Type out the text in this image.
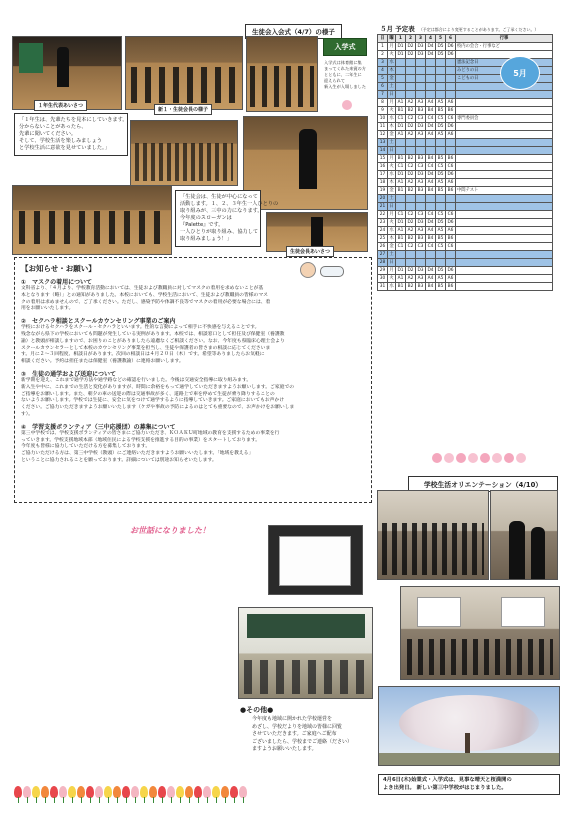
生徒会入会式（4/7）の様子
１年生代表あいさつ
新１・生徒会長の様子
入学式
入学式は体育館に集
まってくれた来賓の方
とともに、二年生に
迎えられて
新入生が入場しました
「１年生は、先輩たちを見本にしていきます。
分からないことがあったら、
先輩に聞いてください。
そして、学校生活を楽しみましょう
と学校生活に意欲を見せていました。」
「生徒会は、生徒が中心になって
活動します。１、２、３年生一人ひとりの
取り組みが、三中の力になります。
今年度のスローガンは
『Palette』です。
一人ひとりが取り組み、協力して
取り組みましょう！」
生徒会長あいさつ
【お知らせ・お願い】
①　マスクの着用について
文科省より、「４月より、学校教育活動においては、生徒および教職員に対してマスクの着用を求めないことが基
本となります（略）」との通知がありました。本校においても、学校生活において、生徒および教職員の皆様のマス
クの着用は求めませんので、ご了承ください。ただし、感染予防や体調不良等でマスクの着用が必要な場合には、着
用をお願いいたします。
②　セクハラ相談とスクールカウンセリング事業のご案内
学校におけるセクハラをスクール・セクハラといいます。性的な言動によって相手に不快感を与えることです。
残念ながら県下の学校においても問題が発生している実例があります。本校では、相談窓口として担任及び保健室（養護教
諭）と教頭が相談しますので、お困りのことがありましたら遠慮なくご相談ください。なお、今年度も県臨床心理士会より
スクールカウンセラーとして本校のカウンセリング事業を担当し、生徒や保護者の皆さまの相談に応じてくださいま
す。月に２〜３回程度、相談日があります。次回の相談日は４月２０日（木）です。希望等ありましたらお気軽に
相談ください。予約は担任または保健室（養護教諭）に連絡お願いします。
③　生徒の通学および送迎について
新学期を迎え、これまで通学方法や通学路などの確認を行いました。今後は交通安全指導に取り組みます。
新入生や中に、これまでの生活と変化がありますが、時間に余裕をもって通学していただきますようお願いします。ご家庭での
ご指導をお願いします。また、朝夕の車の送迎の際は交通事故が多く、道路上で車を停めて生徒が乗り降りすることの
ないようお願いします。学校では生徒に、安全に気をつけて通学するように指導していきます。ご家庭においてもお声かけ
ください。ご協力いただきますようお願いいたします（ケガや事故の予防によるのはとても重要なので、お声かけをお願いしま
す）。
④　学習支援ボランティア（三中応援団）の募集について
第三中学校では、学校支援ボランティアの皆さまにご協力いただき、ＫＯＡＫＵ町地域の教育を支援するための事業を行
っていきます。学校支援地域本部（地域住民による学校支援を推進する目的の事業）をスタートしております。
今年度も皆様に協力していただける方を募集しております。
ご協力いただける方は、第三中学校（教頭）にご連絡いただきますようお願いいたします。「地域を教える」
ということに協力されることを願っております。詳細については別途お知らせいたします。
お世話になりました！
●その他●
今年度も地域に開かれた学校運営を
めざし、学校だよりを地域の皆様に回覧
させていただきます。ご家庭へご配布
ございましたら、学校までご連絡（ださい）
ますようお願いいたします。
５月 予定表 （予定は都合により変更することがあります。ご了承ください。）
日	曜	1	2	3	4	5	6	行事
1	月	D1	D2	D3	D4	D5	D6	校内の会合・行事など
2	火	D1	D2	D3	D4	D5	D6	
3	水							憲法記念日
4	木							みどりの日
5	金							こどもの日
6	土							
7	日							
8	月	A1	A2	A3	A4	A5	A6	
9	火	B1	B2	B3	B4	B5	B6	
10	水	C1	C2	C3	C4	C5	C6	専門委員会
11	木	D1	D2	D3	D4	D5	D6	
12	金	A1	A2	A3	A4	A5	A6	
13	土							
14	日							
15	月	B1	B2	B3	B4	B5	B6	
16	火	C1	C2	C3	C4	C5	C6	
17	水	D1	D2	D3	D4	D5	D6	
18	木	A1	A2	A3	A4	A5	A6	
19	金	B1	B2	B3	B4	B5	B6	中間テスト
20	土							
21	日							
22	月	C1	C2	C3	C4	C5	C6	
23	火	D1	D2	D3	D4	D5	D6	
24	水	A1	A2	A3	A4	A5	A6	
25	木	B1	B2	B3	B4	B5	B6	
26	金	C1	C2	C3	C4	C5	C6	
27	土							
28	日							
29	月	D1	D2	D3	D4	D5	D6	
30	火	A1	A2	A3	A4	A5	A6	
31	水	B1	B2	B3	B4	B5	B6	
5月
学校生活オリエンテーション（4/10）
4月6日(木)始業式・入学式は、見事な晴天と桜満開の
よき出発日。 新しい第三中学校がはじまりました。
